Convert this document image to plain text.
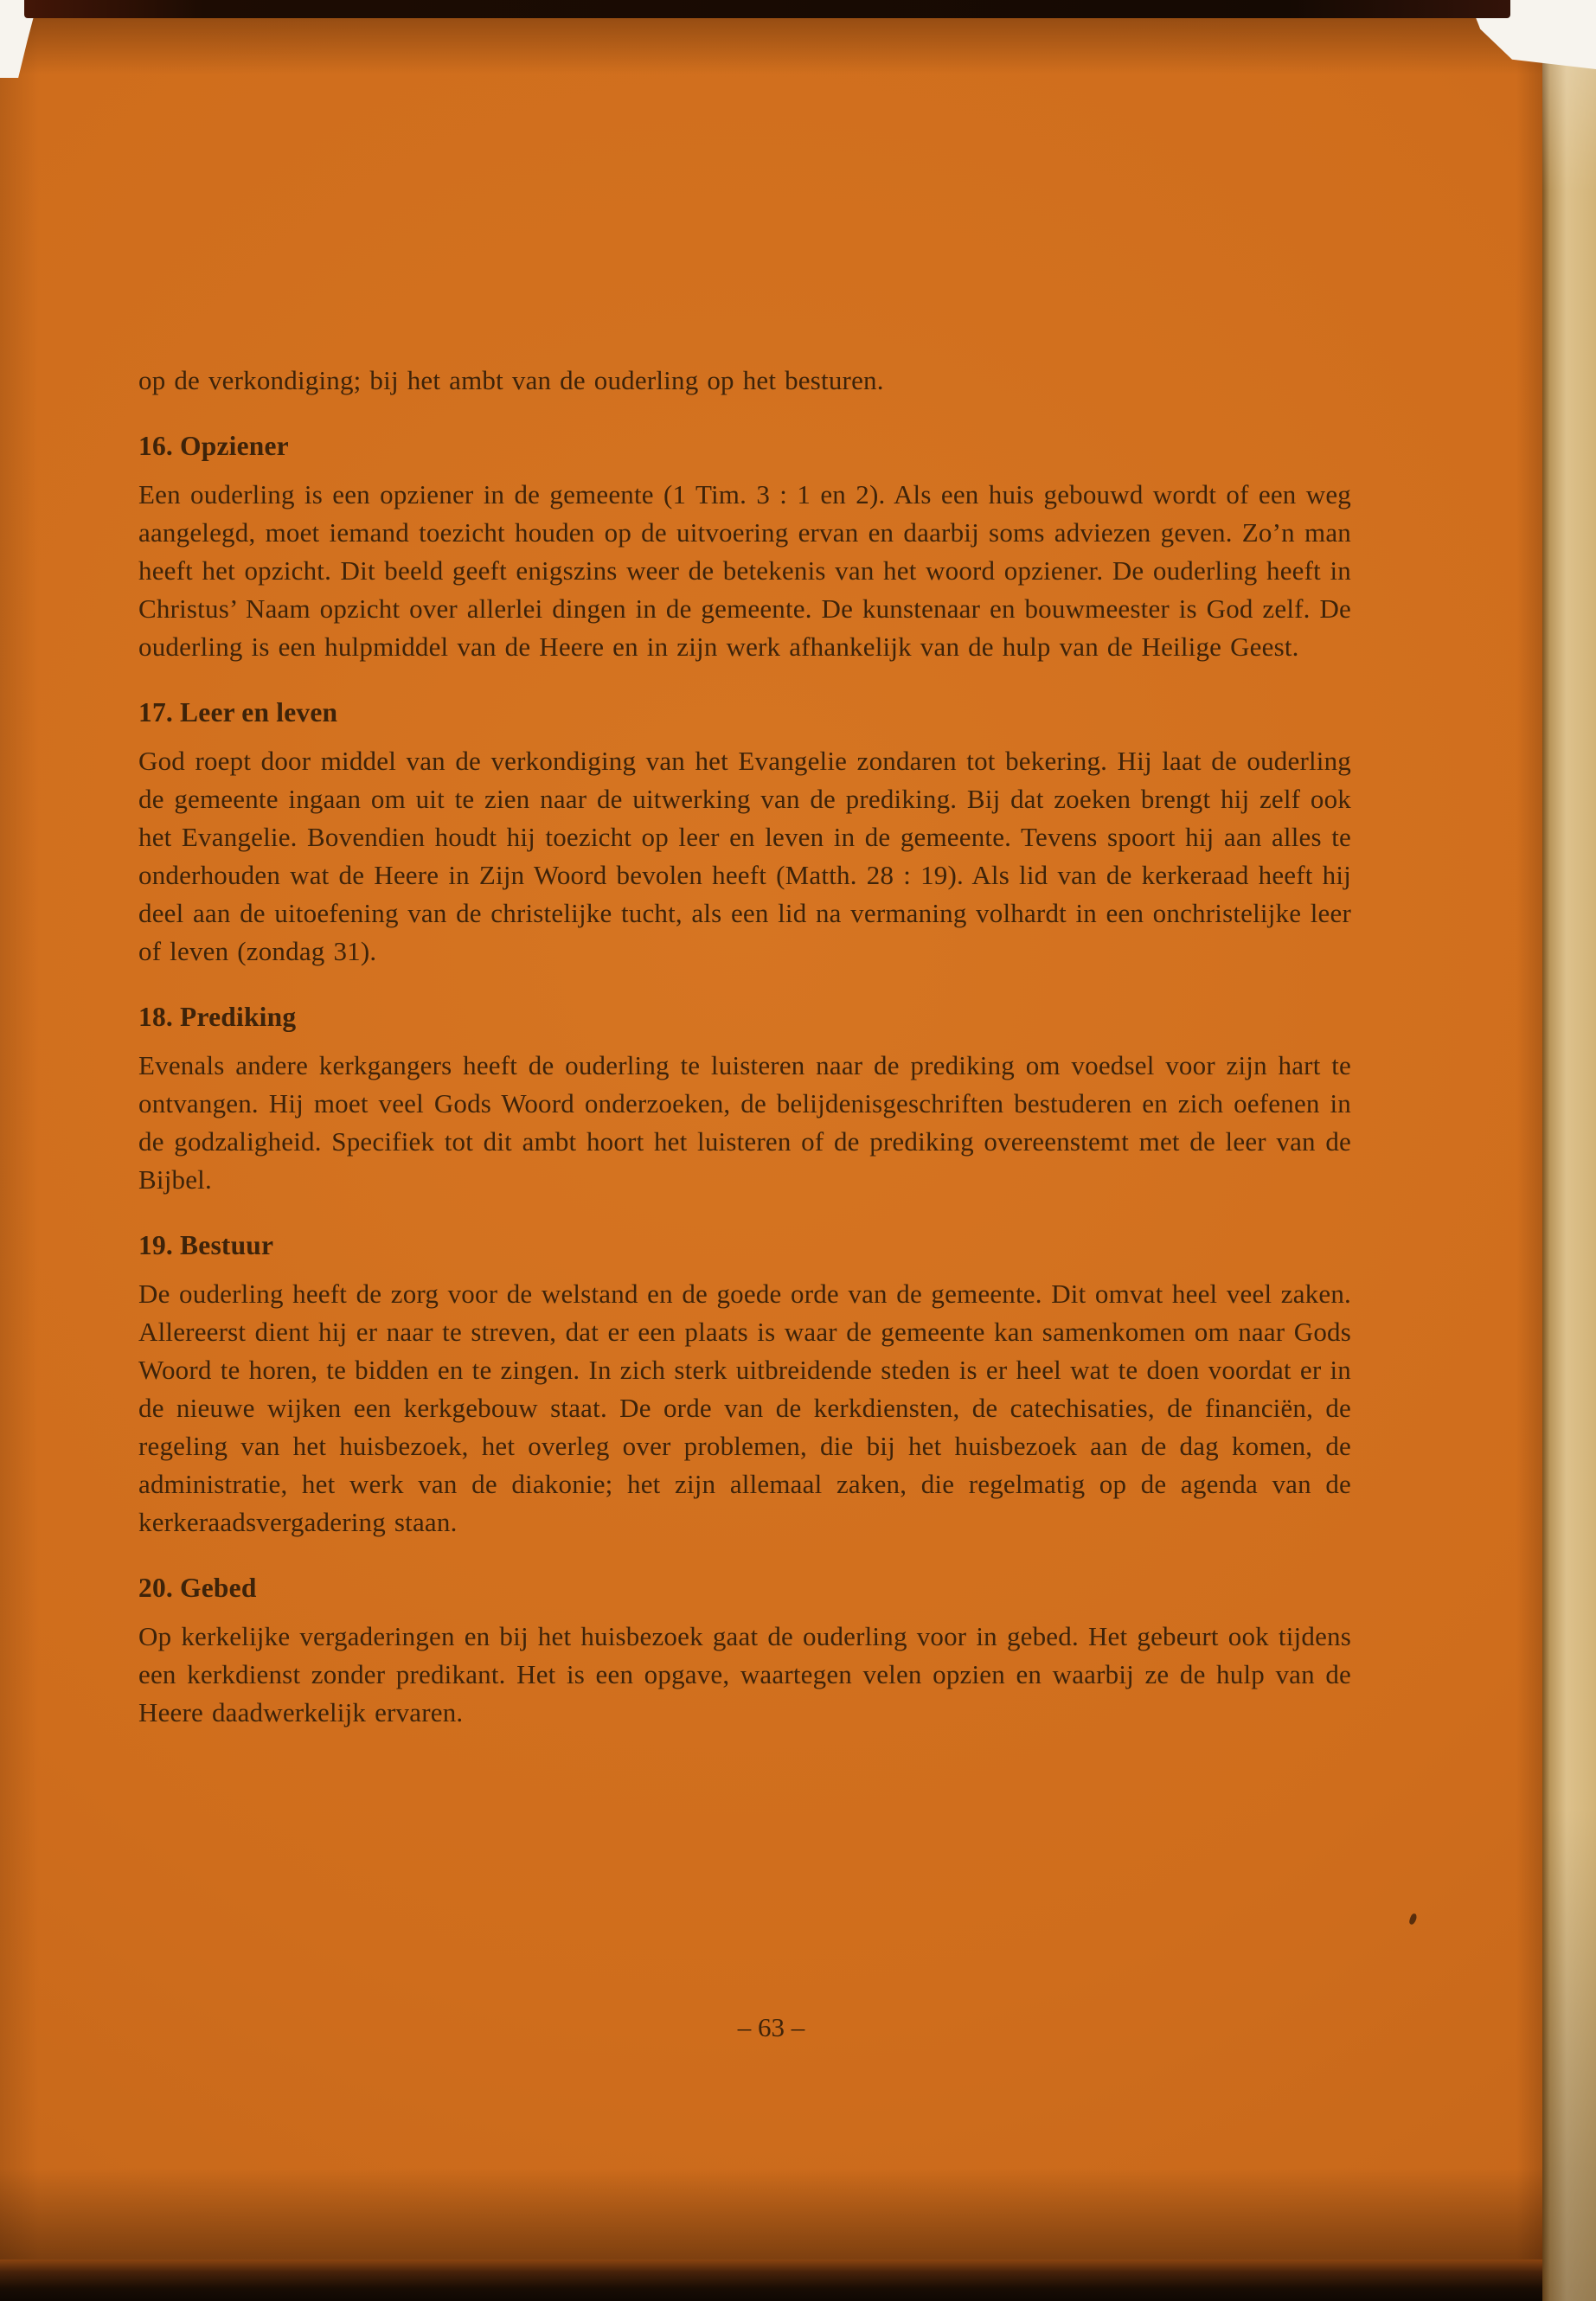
op de verkondiging; bij het ambt van de ouderling op het besturen.

16. Opziener

Een ouderling is een opziener in de gemeente (1 Tim. 3 : 1 en 2). Als een huis gebouwd wordt of een weg aangelegd, moet iemand toezicht houden op de uitvoering ervan en daarbij soms adviezen geven. Zo’n man heeft het opzicht. Dit beeld geeft enigszins weer de betekenis van het woord opziener. De ouderling heeft in Christus’ Naam opzicht over allerlei dingen in de gemeente. De kunstenaar en bouwmeester is God zelf. De ouderling is een hulpmiddel van de Heere en in zijn werk afhankelijk van de hulp van de Heilige Geest.

17. Leer en leven

God roept door middel van de verkondiging van het Evangelie zondaren tot bekering. Hij laat de ouderling de gemeente ingaan om uit te zien naar de uitwerking van de prediking. Bij dat zoeken brengt hij zelf ook het Evangelie. Bovendien houdt hij toezicht op leer en leven in de gemeente. Tevens spoort hij aan alles te onderhouden wat de Heere in Zijn Woord bevolen heeft (Matth. 28 : 19). Als lid van de kerkeraad heeft hij deel aan de uitoefening van de christelijke tucht, als een lid na vermaning volhardt in een onchristelijke leer of leven (zondag 31).

18. Prediking

Evenals andere kerkgangers heeft de ouderling te luisteren naar de prediking om voedsel voor zijn hart te ontvangen. Hij moet veel Gods Woord onderzoeken, de belijdenisgeschriften bestuderen en zich oefenen in de godzaligheid. Specifiek tot dit ambt hoort het luisteren of de prediking overeenstemt met de leer van de Bijbel.

19. Bestuur

De ouderling heeft de zorg voor de welstand en de goede orde van de gemeente. Dit omvat heel veel zaken. Allereerst dient hij er naar te streven, dat er een plaats is waar de gemeente kan samenkomen om naar Gods Woord te horen, te bidden en te zingen. In zich sterk uitbreidende steden is er heel wat te doen voordat er in de nieuwe wijken een kerkgebouw staat. De orde van de kerkdiensten, de catechisaties, de financiën, de regeling van het huisbezoek, het overleg over problemen, die bij het huisbezoek aan de dag komen, de administratie, het werk van de diakonie; het zijn allemaal zaken, die regelmatig op de agenda van de kerkeraadsvergadering staan.

20. Gebed

Op kerkelijke vergaderingen en bij het huisbezoek gaat de ouderling voor in gebed. Het gebeurt ook tijdens een kerkdienst zonder predikant. Het is een opgave, waartegen velen opzien en waarbij ze de hulp van de Heere daadwerkelijk ervaren.

– 63 –
